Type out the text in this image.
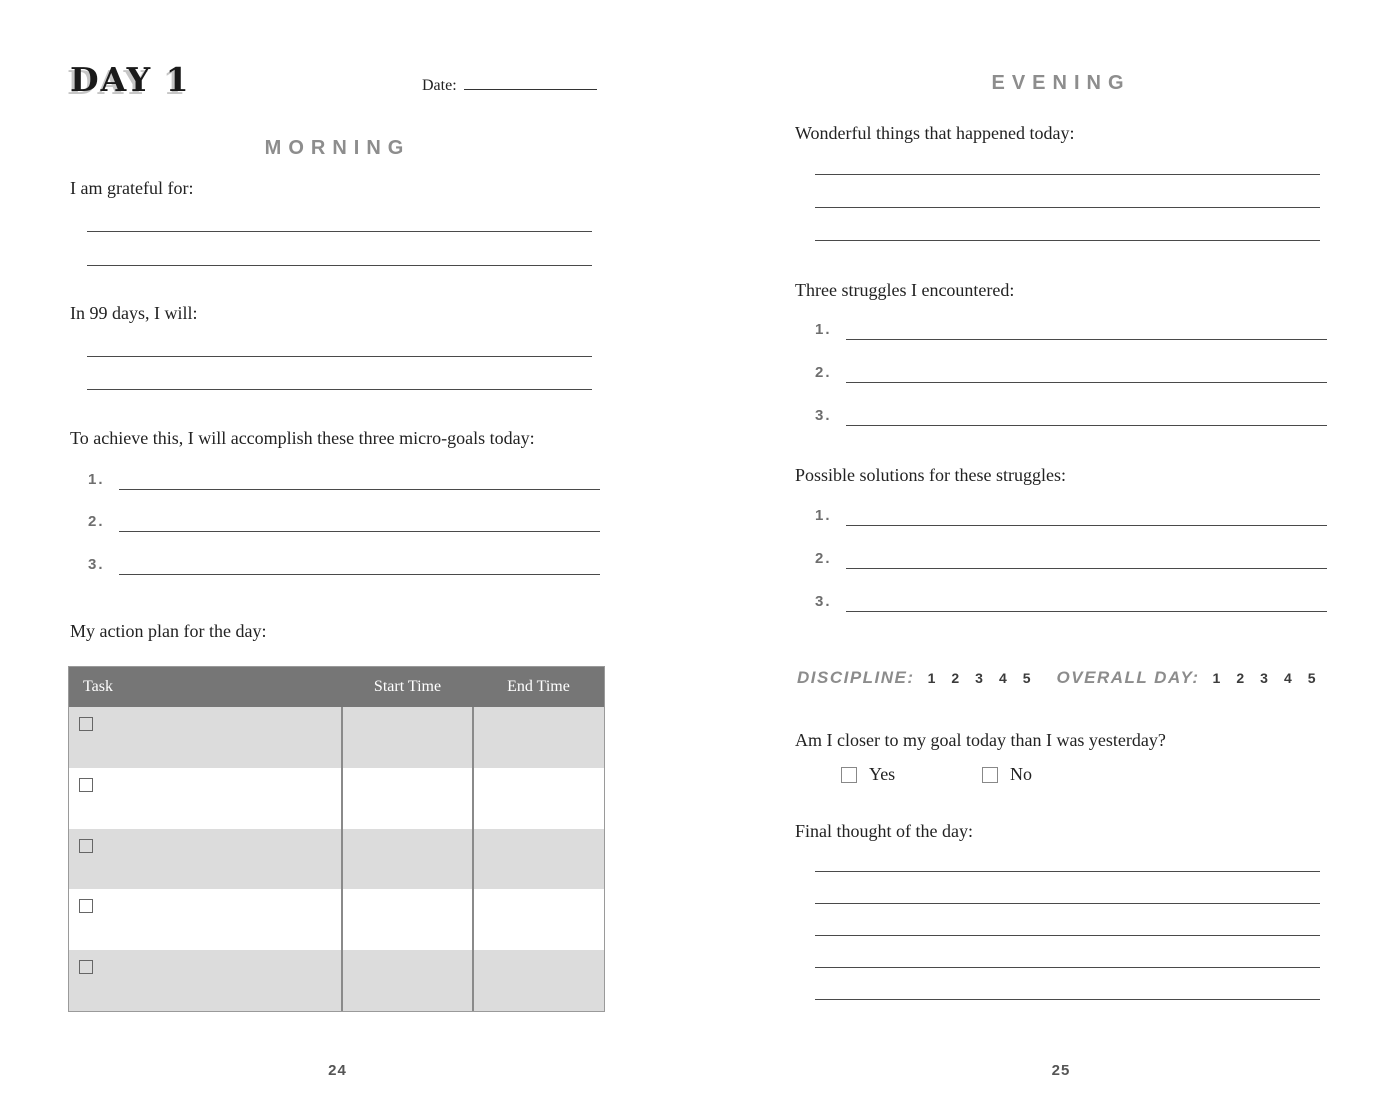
DAY 1	Date:
MORNING
I am grateful for:
In 99 days, I will:
To achieve this, I will accomplish these three micro-goals today:
1.
2.
3.
My action plan for the day:
Task	Start Time	End Time
24
EVENING
Wonderful things that happened today:
Three struggles I encountered:
1.
2.
3.
Possible solutions for these struggles:
1.
2.
3.
DISCIPLINE: 1 2 3 4 5 OVERALL DAY: 1 2 3 4 5
Am I closer to my goal today than I was yesterday?
Yes	No
Final thought of the day:
25
